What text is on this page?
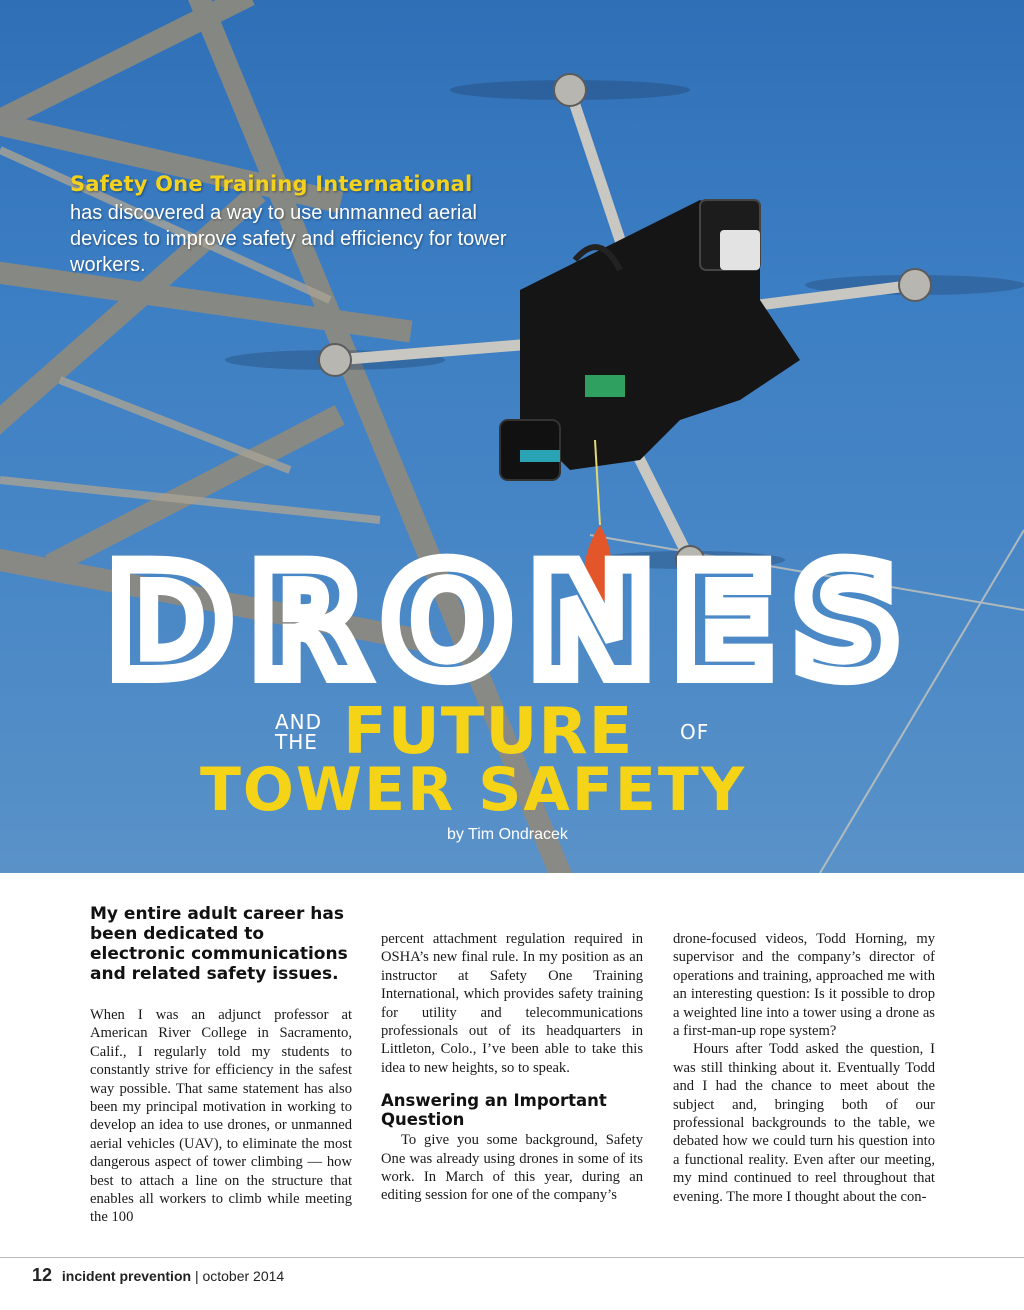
Safety One Training International
has discovered a way to use unmanned aerial devices to improve safety and efficiency for tower workers.
DRONES
AND THE FUTURE OF
TOWER SAFETY
by Tim Ondracek
My entire adult career has been dedicated to electronic communications and related safety issues.

When I was an adjunct professor at American River College in Sacramento, Calif., I regularly told my students to constantly strive for efficiency in the safest way possible. That same statement has also been my principal motivation in working to develop an idea to use drones, or unmanned aerial vehicles (UAV), to eliminate the most dangerous aspect of tower climbing — how best to attach a line on the structure that enables all workers to climb while meeting the 100

percent attachment regulation required in OSHA’s new final rule. In my position as an instructor at Safety One Training International, which provides safety training for utility and telecommunications professionals out of its headquarters in Littleton, Colo., I’ve been able to take this idea to new heights, so to speak.

Answering an Important Question

To give you some background, Safety One was already using drones in some of its work. In March of this year, during an editing session for one of the company’s

drone-focused videos, Todd Horning, my supervisor and the company’s director of operations and training, approached me with an interesting question: Is it possible to drop a weighted line into a tower using a drone as a first-man-up rope system?

Hours after Todd asked the question, I was still thinking about it. Eventually Todd and I had the chance to meet about the subject and, bringing both of our professional backgrounds to the table, we debated how we could turn his question into a functional reality. Even after our meeting, my mind continued to reel throughout that evening. The more I thought about the con-

12 incident prevention | october 2014
